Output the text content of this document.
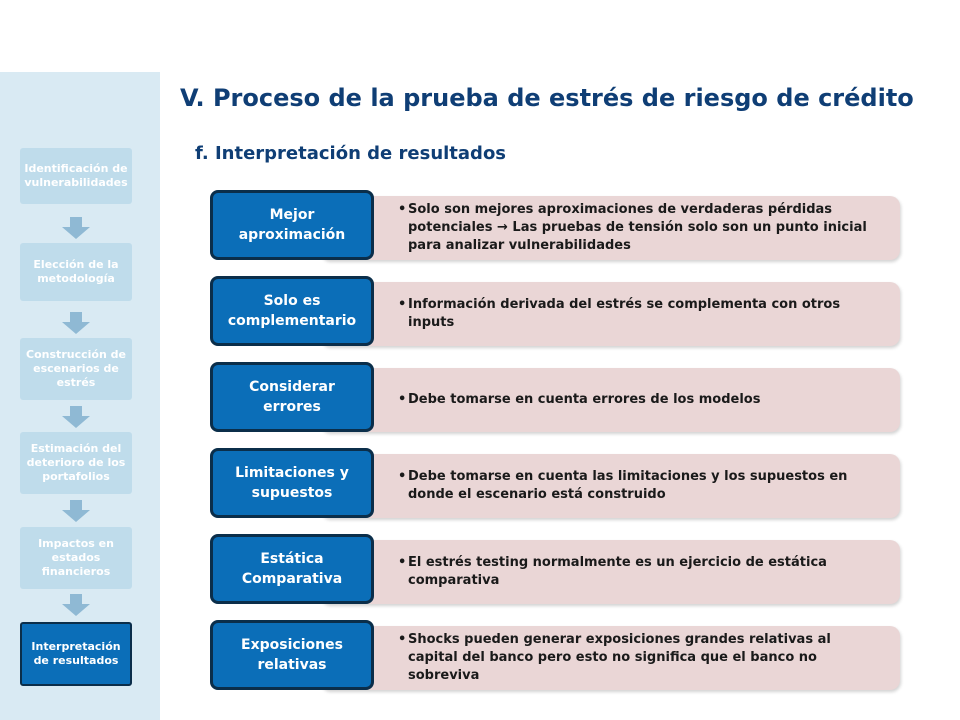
Identificación de vulnerabilidades
Elección de la metodología
Construcción de escenarios de estrés
Estimación del deterioro de los portafolios
Impactos en estados financieros
Interpretación de resultados
V. Proceso de la prueba de estrés de riesgo de crédito
f. Interpretación de resultados
• Solo son mejores aproximaciones de verdaderas pérdidas potenciales → Las pruebas de tensión solo son un punto inicial para analizar vulnerabilidades
Mejor aproximación
• Información derivada del estrés se complementa con otros inputs
Solo es complementario
• Debe tomarse en cuenta errores de los modelos
Considerar errores
• Debe tomarse en cuenta las limitaciones y los supuestos en donde el escenario está construido
Limitaciones y supuestos
• El estrés testing normalmente es un ejercicio de estática comparativa
Estática Comparativa
• Shocks pueden generar exposiciones grandes relativas al capital del banco pero esto no significa que el banco no sobreviva
Exposiciones relativas
